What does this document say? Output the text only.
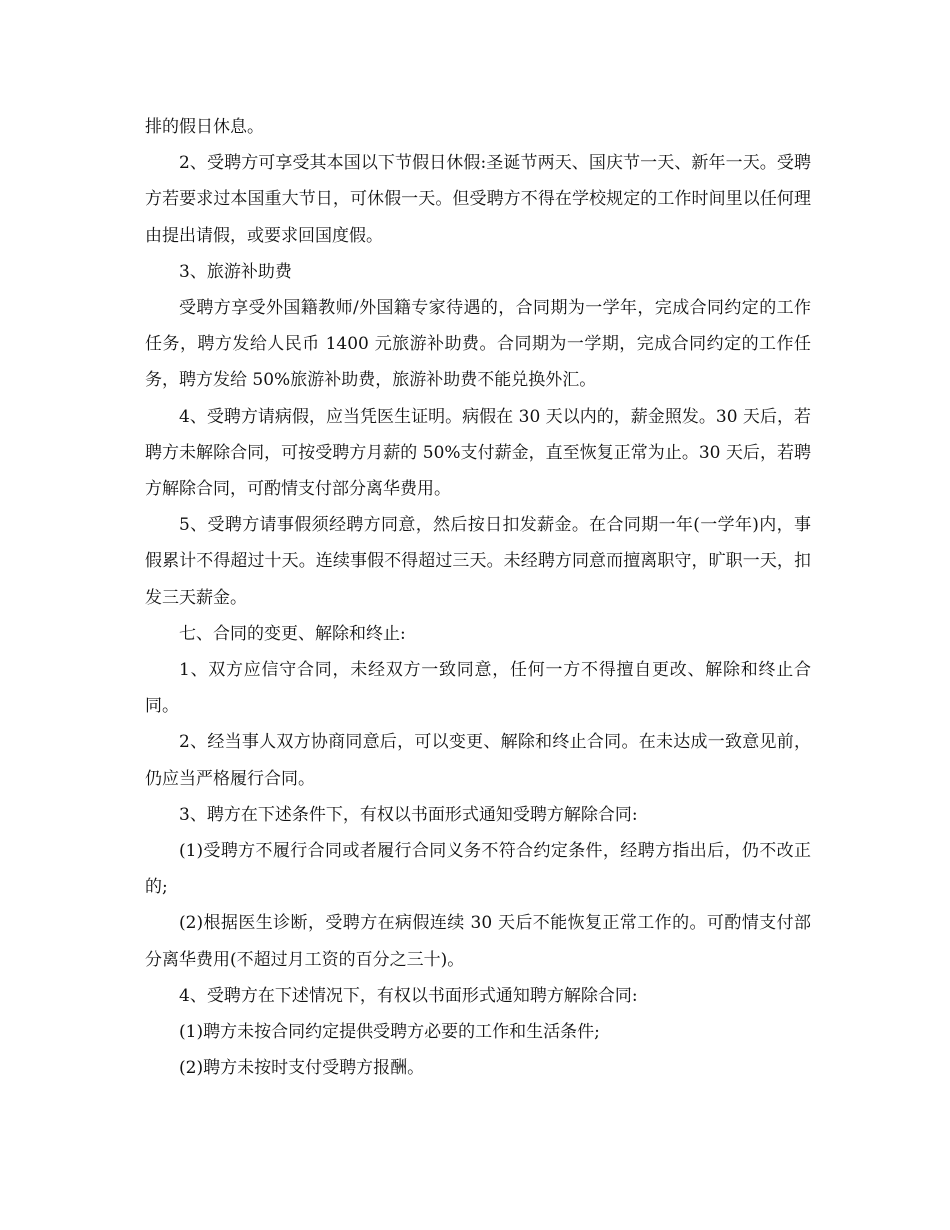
排的假日休息。

2、受聘方可享受其本国以下节假日休假:圣诞节两天、国庆节一天、新年一天。受聘方若要求过本国重大节日，可休假一天。但受聘方不得在学校规定的工作时间里以任何理由提出请假，或要求回国度假。

3、旅游补助费

受聘方享受外国籍教师/外国籍专家待遇的，合同期为一学年，完成合同约定的工作任务，聘方发给人民币 1400 元旅游补助费。合同期为一学期，完成合同约定的工作任务，聘方发给 50%旅游补助费，旅游补助费不能兑换外汇。

4、受聘方请病假，应当凭医生证明。病假在 30 天以内的，薪金照发。30 天后，若聘方未解除合同，可按受聘方月薪的 50%支付薪金，直至恢复正常为止。30 天后，若聘方解除合同，可酌情支付部分离华费用。

5、受聘方请事假须经聘方同意，然后按日扣发薪金。在合同期一年(一学年)内，事假累计不得超过十天。连续事假不得超过三天。未经聘方同意而擅离职守，旷职一天，扣发三天薪金。

七、合同的变更、解除和终止:

1、双方应信守合同，未经双方一致同意，任何一方不得擅自更改、解除和终止合同。

2、经当事人双方协商同意后，可以变更、解除和终止合同。在未达成一致意见前，仍应当严格履行合同。

3、聘方在下述条件下，有权以书面形式通知受聘方解除合同:

(1)受聘方不履行合同或者履行合同义务不符合约定条件，经聘方指出后，仍不改正的;

(2)根据医生诊断，受聘方在病假连续 30 天后不能恢复正常工作的。可酌情支付部分离华费用(不超过月工资的百分之三十)。

4、受聘方在下述情况下，有权以书面形式通知聘方解除合同:

(1)聘方未按合同约定提供受聘方必要的工作和生活条件;

(2)聘方未按时支付受聘方报酬。
